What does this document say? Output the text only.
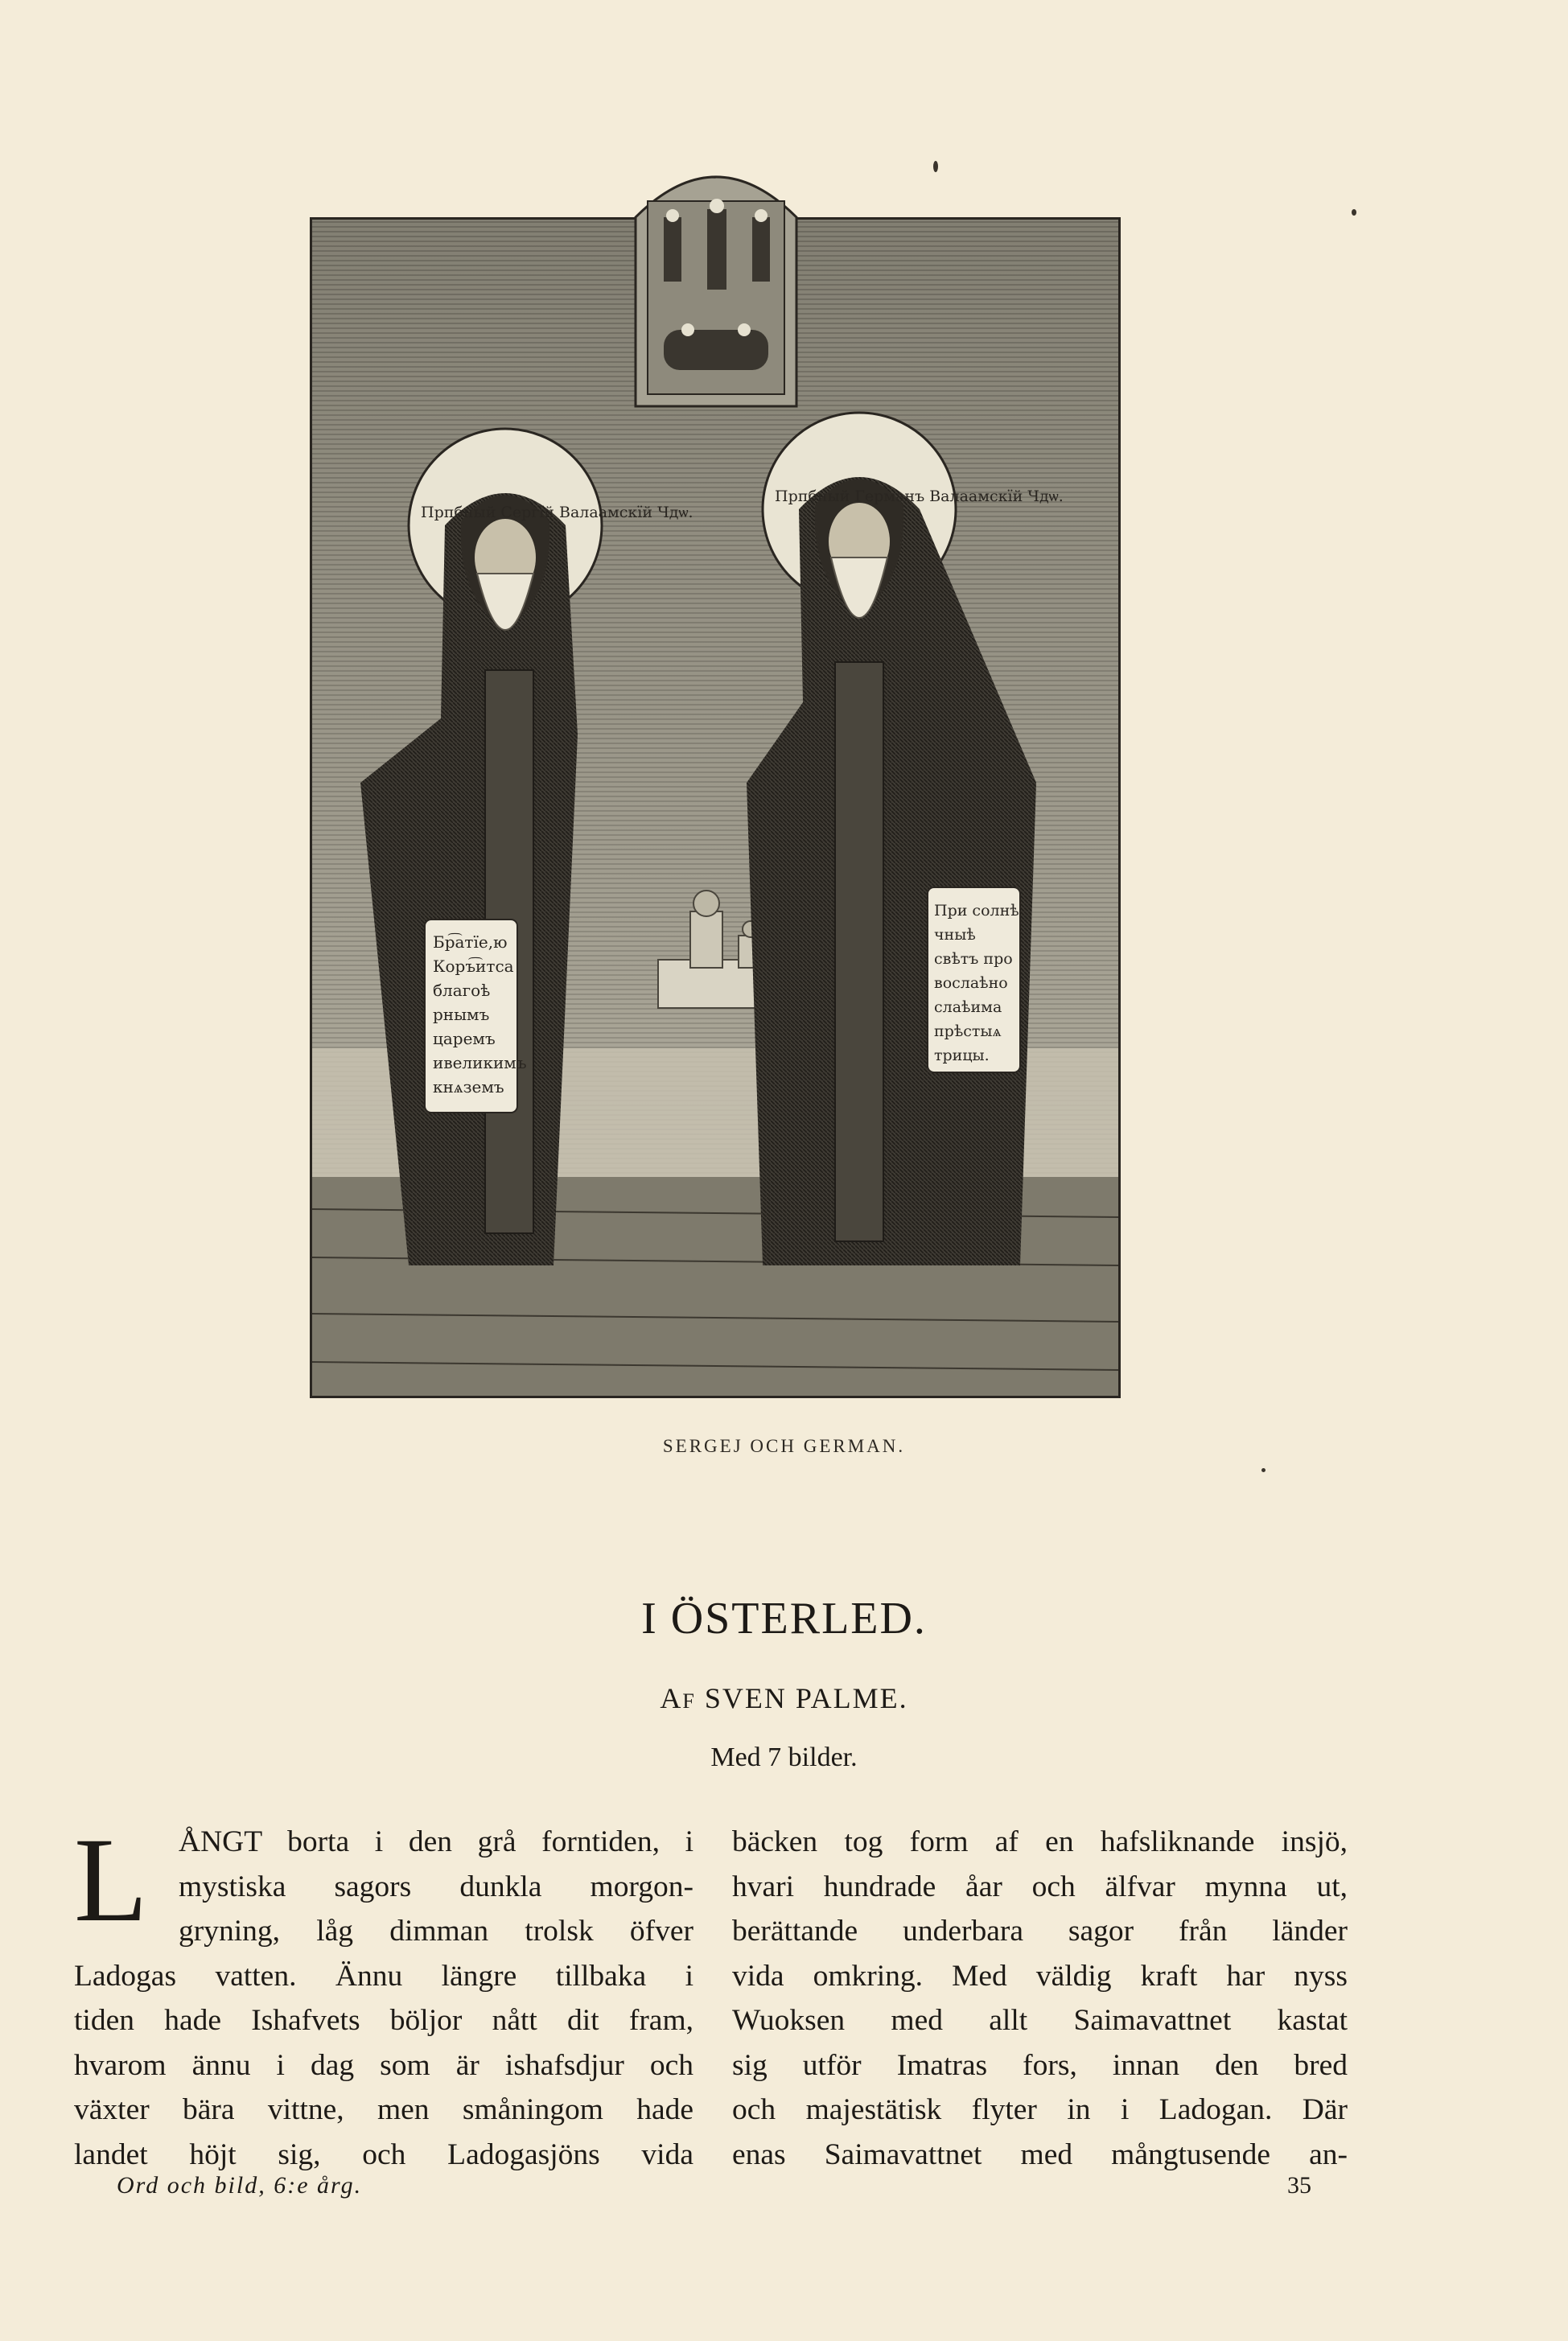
Бр͡атїе,ю
Коръ͡итса
благоѣ
рнымъ
царемъ
ивеликимъ
кнѧземъ
Прпбный Сергїй Валаамскїй Чдѡ.
При солнѣ
чныѣ
свѣтъ про
вослаѣно
слаѣима
прѣстыѧ
трицы.
Прпбный Германъ Валаамскїй Чдѡ.
SERGEJ OCH GERMAN.
I ÖSTERLED.
AF SVEN PALME.
Med 7 bilder.
L	ÅNGT borta i den grå forntiden, i
mystiska sagors dunkla morgon-
gryning, låg dimman trolsk öfver
Ladogas vatten. Ännu längre tillbaka i
tiden hade Ishafvets böljor nått dit fram,
hvarom ännu i dag som är ishafsdjur och
växter bära vittne, men småningom hade
landet höjt sig, och Ladogasjöns vida
bäcken tog form af en hafsliknande insjö,
hvari hundrade åar och älfvar mynna ut,
berättande underbara sagor från länder
vida omkring. Med väldig kraft har nyss
Wuoksen med allt Saimavattnet kastat
sig utför Imatras fors, innan den bred
och majestätisk flyter in i Ladogan. Där
enas Saimavattnet med mångtusende an-
Ord och bild, 6:e årg.	35
